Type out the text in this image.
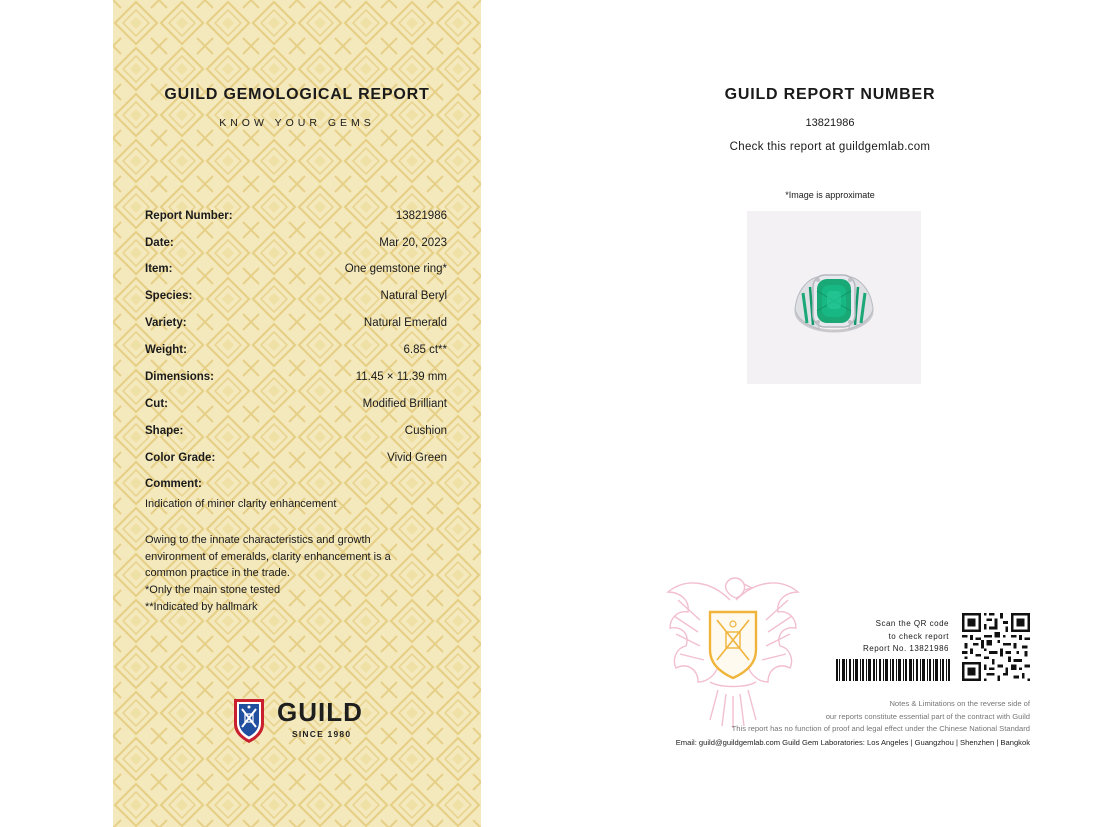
GUILD GEMOLOGICAL REPORT
KNOW YOUR GEMS
Report Number:	13821986
Date:	Mar 20, 2023
Item:	One gemstone ring*
Species:	Natural Beryl
Variety:	Natural Emerald
Weight:	6.85 ct**
Dimensions:	11.45 × 11.39 mm
Cut:	Modified Brilliant
Shape:	Cushion
Color Grade:	Vivid Green
Comment:
Indication of minor clarity enhancement
Owing to the innate characteristics and growth
environment of emeralds, clarity enhancement is a
common practice in the trade.
*Only the main stone tested
**Indicated by hallmark
GUILD
SINCE 1980
GUILD REPORT NUMBER
13821986
Check this report at guildgemlab.com
*Image is approximate
Scan the QR code
to check report
Report No. 13821986
Notes & Limitations on the reverse side of
our reports constitute essential part of the contract with Guild
This report has no function of proof and legal effect under the Chinese National Standard
Email: guild@guildgemlab.com Guild Gem Laboratories: Los Angeles | Guangzhou | Shenzhen | Bangkok
